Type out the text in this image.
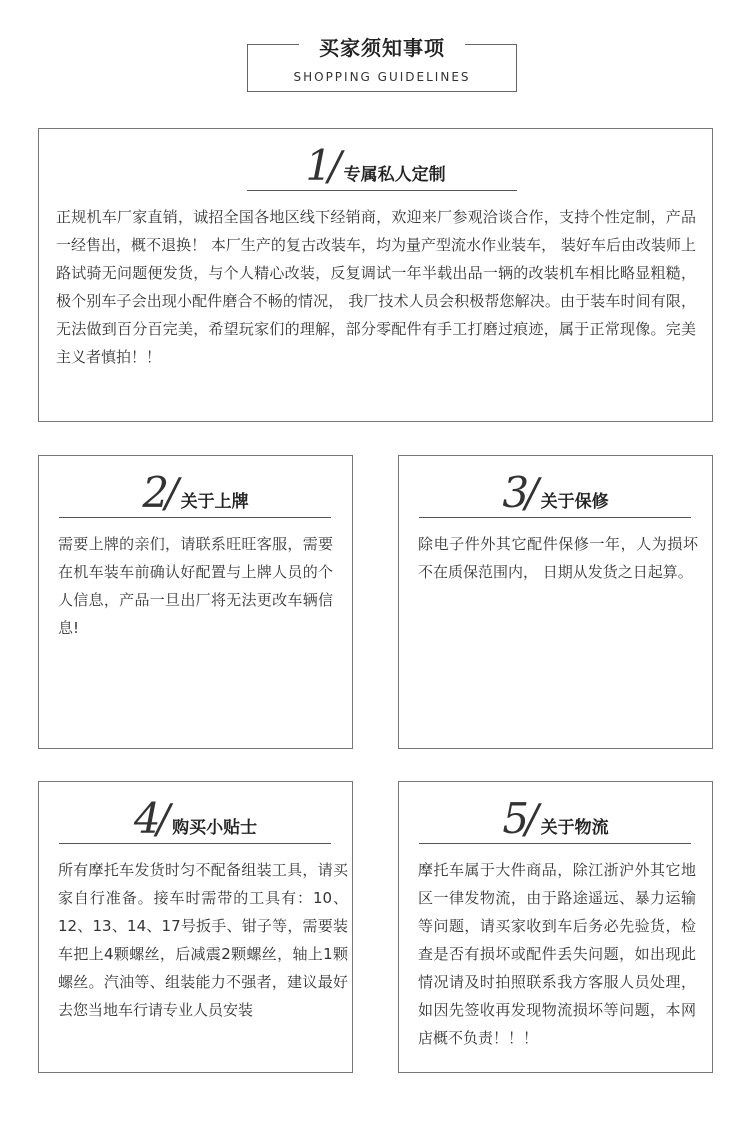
买家须知事项
SHOPPING GUIDELINES
1/ 专属私人定制
正规机车厂家直销，诚招全国各地区线下经销商，欢迎来厂参观洽谈合作，支持个性定制，产品一经售出，概不退换！ 本厂生产的复古改装车，均为量产型流水作业装车， 装好车后由改装师上路试骑无问题便发货，与个人精心改装，反复调试一年半载出品一辆的改装机车相比略显粗糙，极个别车子会出现小配件磨合不畅的情况， 我厂技术人员会积极帮您解决。由于装车时间有限，无法做到百分百完美，希望玩家们的理解，部分零配件有手工打磨过痕迹，属于正常现像。完美主义者慎拍！！
2/ 关于上牌
需要上牌的亲们，请联系旺旺客服，需要在机车装车前确认好配置与上牌人员的个人信息，产品一旦出厂将无法更改车辆信息!
3/ 关于保修
除电子件外其它配件保修一年，人为损坏不在质保范围内， 日期从发货之日起算。
4/ 购买小贴士
所有摩托车发货时匀不配备组装工具，请买家自行准备。接车时需带的工具有：10、12、13、14、17号扳手、钳子等，需要装车把上4颗螺丝，后减震2颗螺丝，轴上1颗螺丝。汽油等、组装能力不强者，建议最好去您当地车行请专业人员安装
5/ 关于物流
摩托车属于大件商品，除江浙沪外其它地区一律发物流，由于路途遥远、暴力运输等问题，请买家收到车后务必先验货，检查是否有损坏或配件丢失问题，如出现此情况请及时拍照联系我方客服人员处理，如因先签收再发现物流损坏等问题，本网店概不负责！！！
